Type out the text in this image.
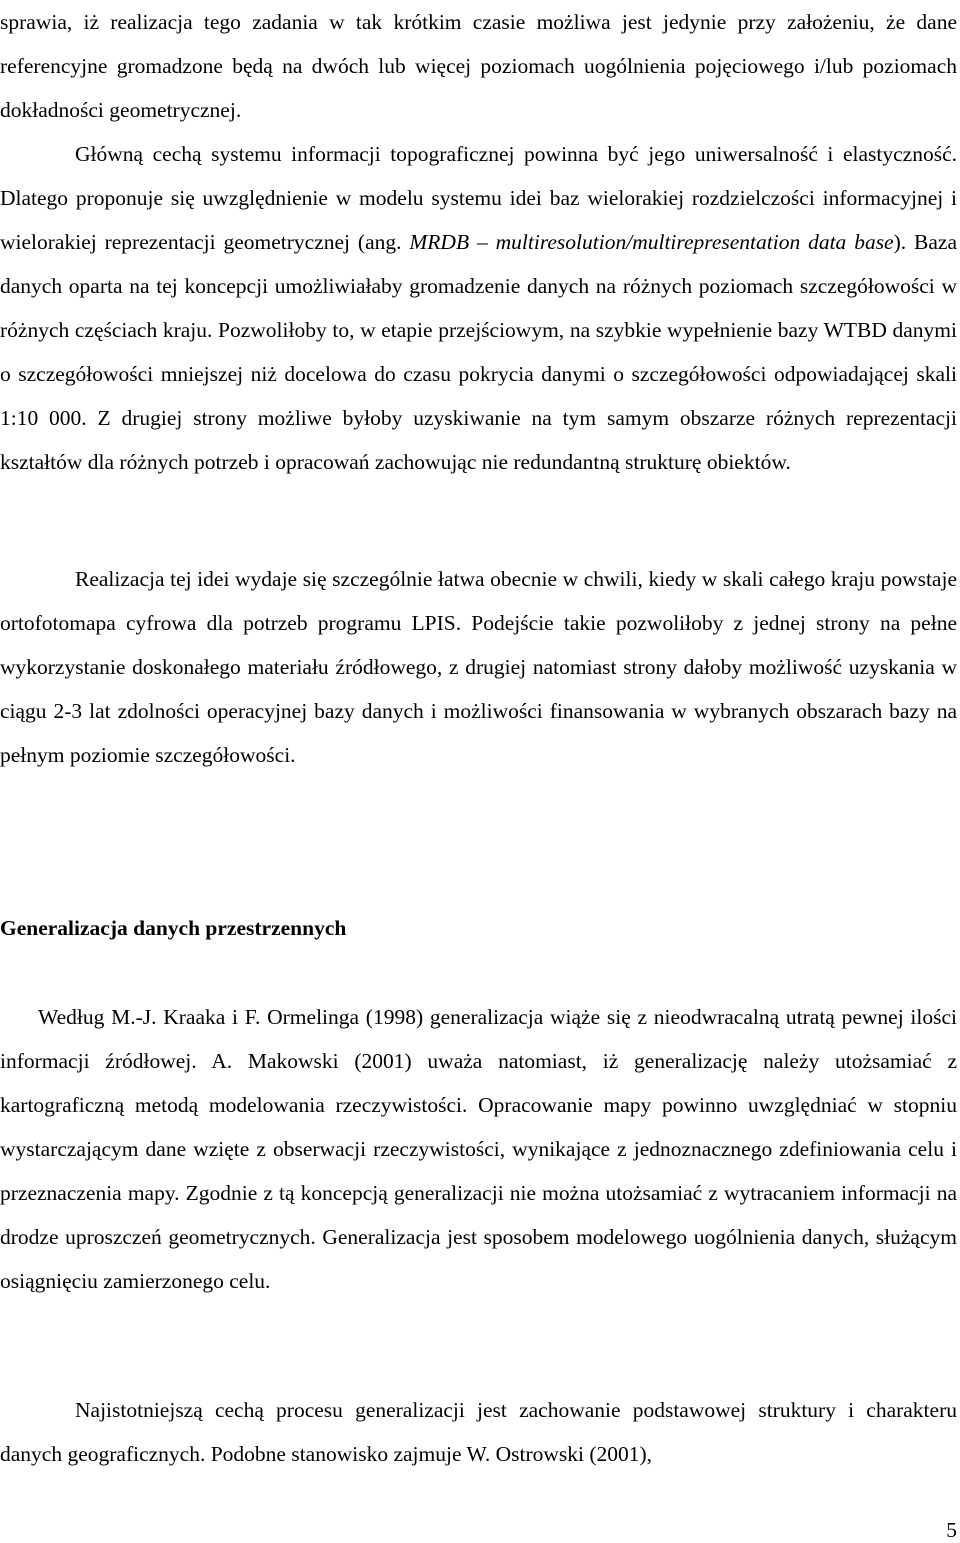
sprawia, iż realizacja tego zadania w tak krótkim czasie możliwa jest jedynie przy założeniu, że dane referencyjne gromadzone będą na dwóch lub więcej poziomach uogólnienia pojęciowego i/lub poziomach dokładności geometrycznej.
Główną cechą systemu informacji topograficznej powinna być jego uniwersalność i elastyczność. Dlatego proponuje się uwzględnienie w modelu systemu idei baz wielorakiej rozdzielczości informacyjnej i wielorakiej reprezentacji geometrycznej (ang. MRDB – multiresolution/multirepresentation data base). Baza danych oparta na tej koncepcji umożliwiałaby gromadzenie danych na różnych poziomach szczegółowości w różnych częściach kraju. Pozwoliłoby to, w etapie przejściowym, na szybkie wypełnienie bazy WTBD danymi o szczegółowości mniejszej niż docelowa do czasu pokrycia danymi o szczegółowości odpowiadającej skali 1:10 000. Z drugiej strony możliwe byłoby uzyskiwanie na tym samym obszarze różnych reprezentacji kształtów dla różnych potrzeb i opracowań zachowując nie redundantną strukturę obiektów.

Realizacja tej idei wydaje się szczególnie łatwa obecnie w chwili, kiedy w skali całego kraju powstaje ortofotomapa cyfrowa dla potrzeb programu LPIS. Podejście takie pozwoliłoby z jednej strony na pełne wykorzystanie doskonałego materiału źródłowego, z drugiej natomiast strony dałoby możliwość uzyskania w ciągu 2-3 lat zdolności operacyjnej bazy danych i możliwości finansowania w wybranych obszarach bazy na pełnym poziomie szczegółowości.

Generalizacja danych przestrzennych

Według M.-J. Kraaka i F. Ormelinga (1998) generalizacja wiąże się z nieodwracalną utratą pewnej ilości informacji źródłowej. A. Makowski (2001) uważa natomiast, iż generalizację należy utożsamiać z kartograficzną metodą modelowania rzeczywistości. Opracowanie mapy powinno uwzględniać w stopniu wystarczającym dane wzięte z obserwacji rzeczywistości, wynikające z jednoznacznego zdefiniowania celu i przeznaczenia mapy. Zgodnie z tą koncepcją generalizacji nie można utożsamiać z wytracaniem informacji na drodze uproszczeń geometrycznych. Generalizacja jest sposobem modelowego uogólnienia danych, służącym osiągnięciu zamierzonego celu.

Najistotniejszą cechą procesu generalizacji jest zachowanie podstawowej struktury i charakteru danych geograficznych. Podobne stanowisko zajmuje W. Ostrowski (2001),

5
